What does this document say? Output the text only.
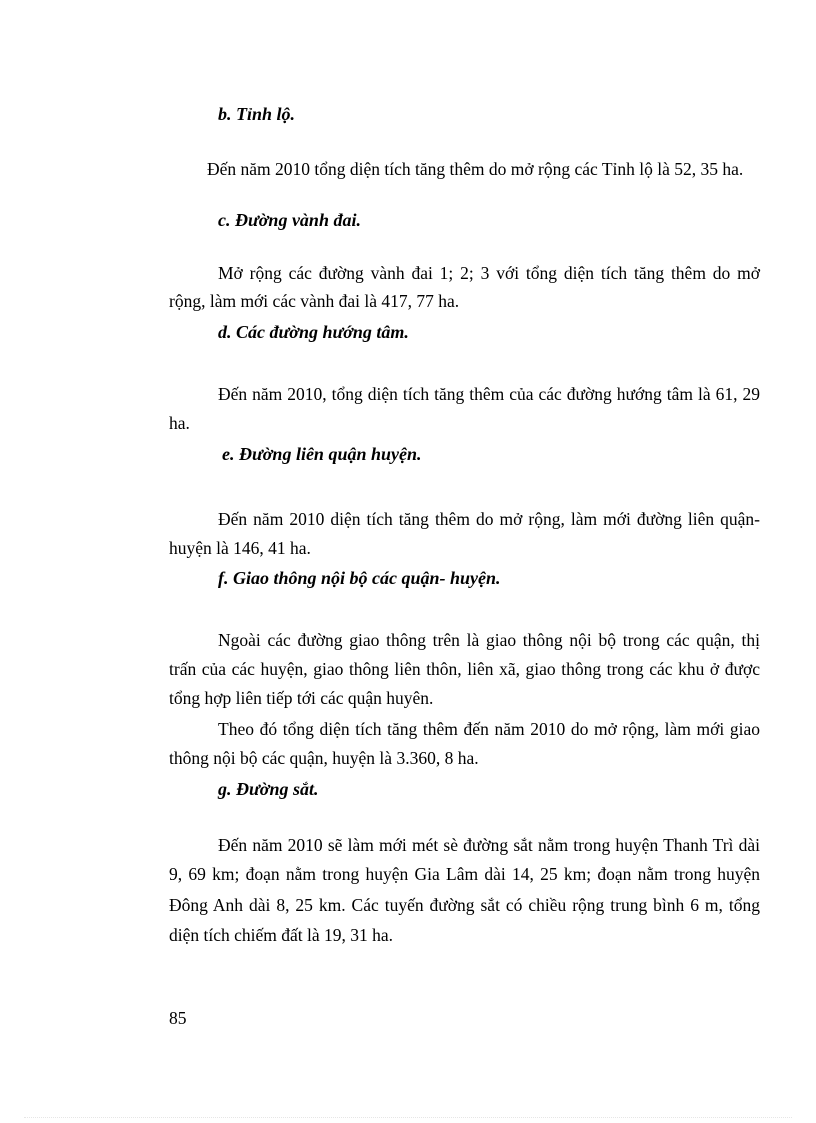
b. Tỉnh lộ.

Đến năm 2010 tổng diện tích tăng thêm do mở rộng các Tỉnh lộ là 52, 35 ha.

c. Đường vành đai.

Mở rộng các đường vành đai 1; 2; 3 với tổng diện tích tăng thêm do mở

rộng, làm mới các vành đai là 417, 77 ha.

d. Các đường hướng tâm.

Đến năm 2010, tổng diện tích tăng thêm của các đường hướng tâm là 61, 29

ha.

e. Đường liên quận huyện.

Đến năm 2010 diện tích tăng thêm do mở rộng, làm mới đường liên quận-

huyện là 146, 41 ha.

f. Giao thông nội bộ các quận- huyện.

Ngoài các đường giao thông trên là giao thông nội bộ trong các quận, thị

trấn của các huyện, giao thông liên thôn, liên xã, giao thông trong các khu ở được

tổng hợp liên tiếp tới các quận huyên.

Theo đó tổng diện tích tăng thêm đến năm 2010 do mở rộng, làm mới giao

thông nội bộ các quận, huyện là 3.360, 8 ha.

g. Đường sắt.

Đến năm 2010 sẽ làm mới mét sè đường sắt nằm trong huyện Thanh Trì dài

9, 69 km; đoạn nằm trong huyện Gia Lâm dài 14, 25 km; đoạn nằm trong huyện

Đông Anh dài 8, 25 km. Các tuyến đường sắt có chiều rộng trung bình 6 m, tổng

diện tích chiếm đất là 19, 31 ha.

85
